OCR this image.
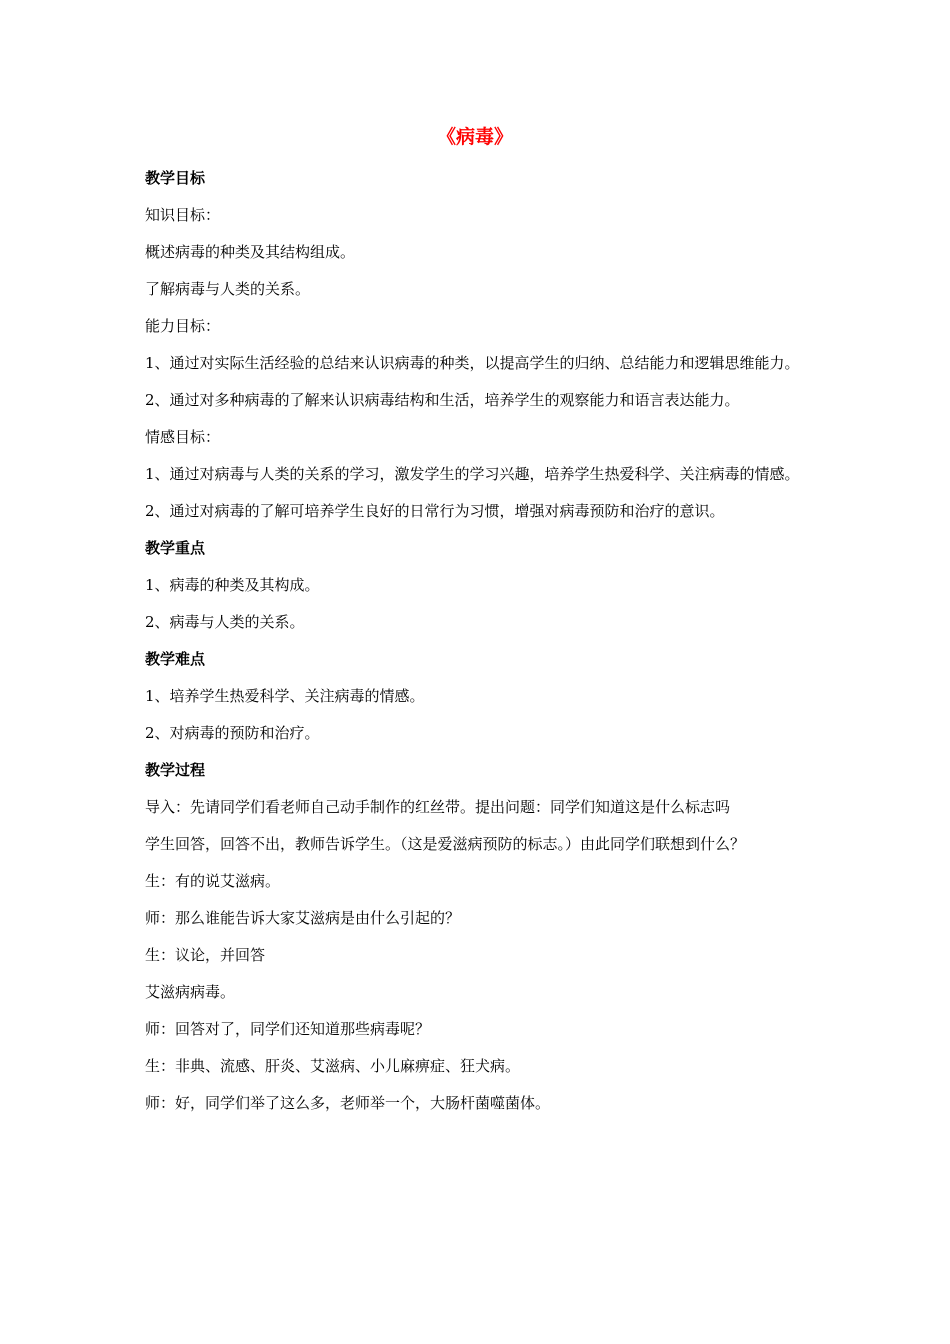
《病毒》
教学目标
知识目标：
概述病毒的种类及其结构组成。
了解病毒与人类的关系。
能力目标：
1、通过对实际生活经验的总结来认识病毒的种类，以提高学生的归纳、总结能力和逻辑思维能力。
2、通过对多种病毒的了解来认识病毒结构和生活，培养学生的观察能力和语言表达能力。
情感目标：
1、通过对病毒与人类的关系的学习，激发学生的学习兴趣，培养学生热爱科学、关注病毒的情感。
2、通过对病毒的了解可培养学生良好的日常行为习惯，增强对病毒预防和治疗的意识。
教学重点
1、病毒的种类及其构成。
2、病毒与人类的关系。
教学难点
1、培养学生热爱科学、关注病毒的情感。
2、对病毒的预防和治疗。
教学过程
导入：先请同学们看老师自己动手制作的红丝带。提出问题：同学们知道这是什么标志吗
学生回答，回答不出，教师告诉学生。（这是爱滋病预防的标志。）由此同学们联想到什么？
生：有的说艾滋病。
师：那么谁能告诉大家艾滋病是由什么引起的？
生：议论，并回答
艾滋病病毒。
师：回答对了，同学们还知道那些病毒呢？
生：非典、流感、肝炎、艾滋病、小儿麻痹症、狂犬病。
师：好，同学们举了这么多，老师举一个，大肠杆菌噬菌体。
